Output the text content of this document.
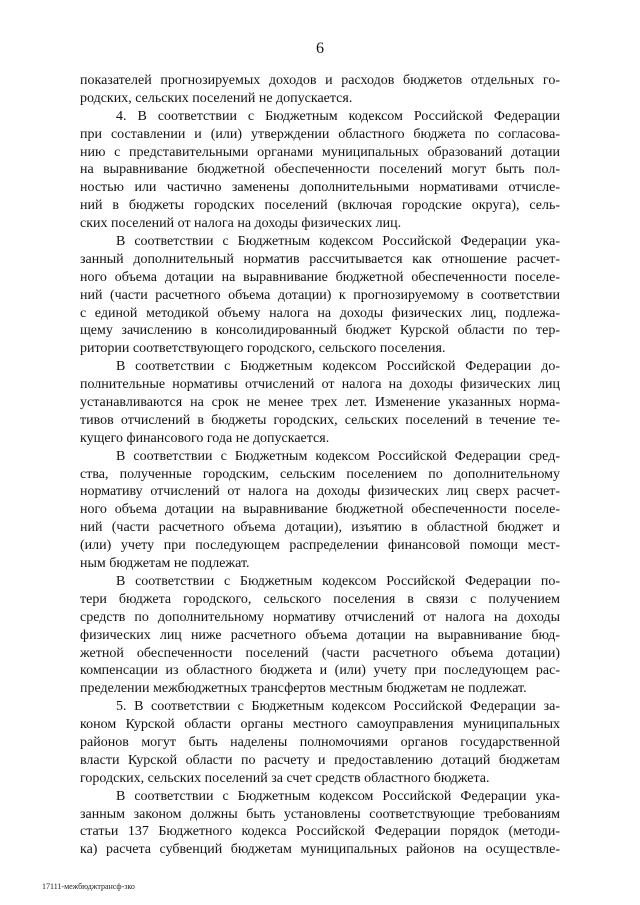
6
показателей прогнозируемых доходов и расходов бюджетов отдельных го-
родских, сельских поселений не допускается.
4. В соответствии с Бюджетным кодексом Российской Федерации
при составлении и (или) утверждении областного бюджета по согласова-
нию с представительными органами муниципальных образований дотации
на выравнивание бюджетной обеспеченности поселений могут быть пол-
ностью или частично заменены дополнительными нормативами отчисле-
ний в бюджеты городских поселений (включая городские округа), сель-
ских поселений от налога на доходы физических лиц.
В соответствии с Бюджетным кодексом Российской Федерации ука-
занный дополнительный норматив рассчитывается как отношение расчет-
ного объема дотации на выравнивание бюджетной обеспеченности поселе-
ний (части расчетного объема дотации) к прогнозируемому в соответствии
с единой методикой объему налога на доходы физических лиц, подлежа-
щему зачислению в консолидированный бюджет Курской области по тер-
ритории соответствующего городского, сельского поселения.
В соответствии с Бюджетным кодексом Российской Федерации до-
полнительные нормативы отчислений от налога на доходы физических лиц
устанавливаются на срок не менее трех лет. Изменение указанных норма-
тивов отчислений в бюджеты городских, сельских поселений в течение те-
кущего финансового года не допускается.
В соответствии с Бюджетным кодексом Российской Федерации сред-
ства, полученные городским, сельским поселением по дополнительному
нормативу отчислений от налога на доходы физических лиц сверх расчет-
ного объема дотации на выравнивание бюджетной обеспеченности поселе-
ний (части расчетного объема дотации), изъятию в областной бюджет и
(или) учету при последующем распределении финансовой помощи мест-
ным бюджетам не подлежат.
В соответствии с Бюджетным кодексом Российской Федерации по-
тери бюджета городского, сельского поселения в связи с получением
средств по дополнительному нормативу отчислений от налога на доходы
физических лиц ниже расчетного объема дотации на выравнивание бюд-
жетной обеспеченности поселений (части расчетного объема дотации)
компенсации из областного бюджета и (или) учету при последующем рас-
пределении межбюджетных трансфертов местным бюджетам не подлежат.
5. В соответствии с Бюджетным кодексом Российской Федерации за-
коном Курской области органы местного самоуправления муниципальных
районов могут быть наделены полномочиями органов государственной
власти Курской области по расчету и предоставлению дотаций бюджетам
городских, сельских поселений за счет средств областного бюджета.
В соответствии с Бюджетным кодексом Российской Федерации ука-
занным законом должны быть установлены соответствующие требованиям
статьи 137 Бюджетного кодекса Российской Федерации порядок (методи-
ка) расчета субвенций бюджетам муниципальных районов на осуществле-
17111-межбюджтрансф-зко
